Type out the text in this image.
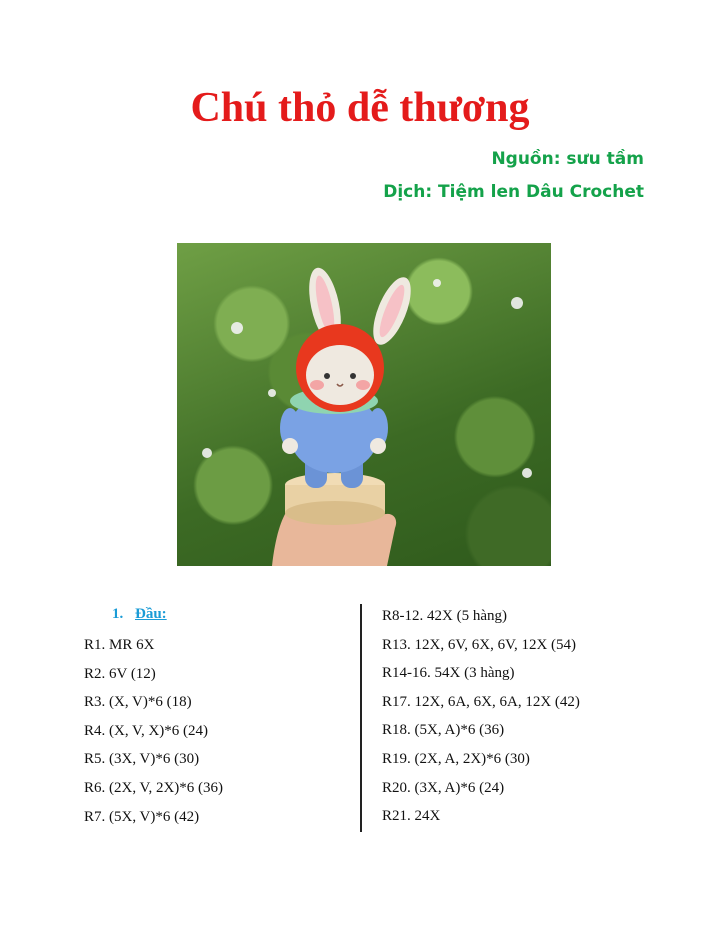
Chú thỏ dễ thương
Nguồn: sưu tầm
Dịch: Tiệm len Dâu Crochet
1. Đầu:
R1. MR 6X
R2. 6V (12)
R3. (X, V)*6 (18)
R4. (X, V, X)*6 (24)
R5. (3X, V)*6 (30)
R6. (2X, V, 2X)*6 (36)
R7. (5X, V)*6 (42)
R8-12. 42X (5 hàng)
R13. 12X, 6V, 6X, 6V, 12X (54)
R14-16. 54X (3 hàng)
R17. 12X, 6A, 6X, 6A, 12X (42)
R18. (5X, A)*6 (36)
R19. (2X, A, 2X)*6 (30)
R20. (3X, A)*6 (24)
R21. 24X
